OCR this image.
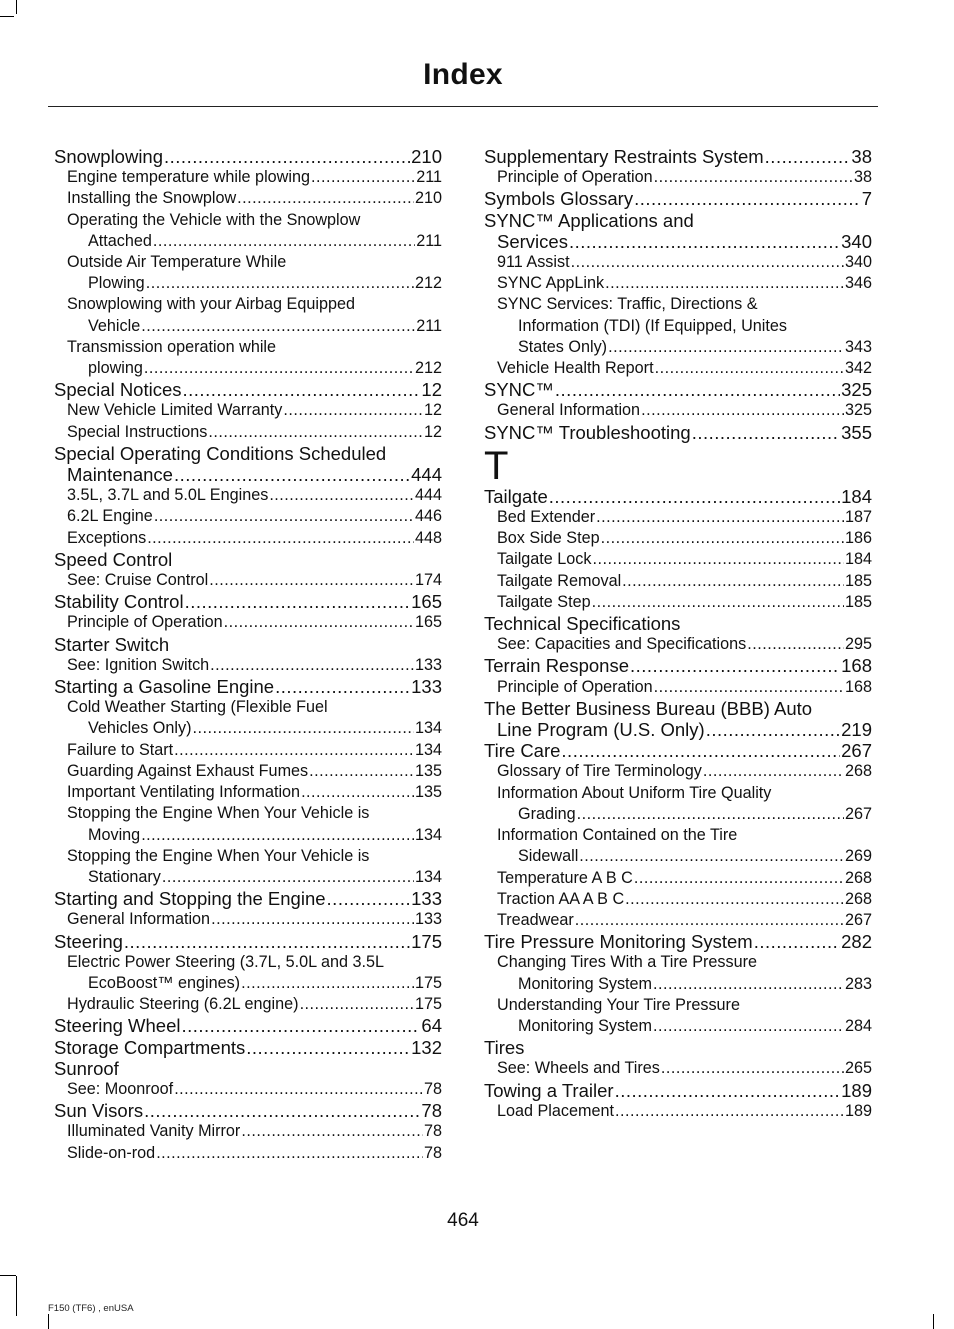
Index
Snowplowing .....	210
Engine temperature while plowing .....	211
Installing the Snowplow .....	210
Operating the Vehicle with the Snowplow
Attached .....	211
Outside Air Temperature While
Plowing .....	212
Snowplowing with your Airbag Equipped
Vehicle .....	211
Transmission operation while
plowing .....	212
Special Notices .....	12
New Vehicle Limited Warranty .....	12
Special Instructions .....	12
Special Operating Conditions Scheduled
Maintenance .....	444
3.5L, 3.7L and 5.0L Engines .....	444
6.2L Engine .....	446
Exceptions .....	448
Speed Control
See: Cruise Control .....	174
Stability Control .....	165
Principle of Operation .....	165
Starter Switch
See: Ignition Switch .....	133
Starting a Gasoline Engine .....	133
Cold Weather Starting (Flexible Fuel
Vehicles Only) .....	134
Failure to Start .....	134
Guarding Against Exhaust Fumes .....	135
Important Ventilating Information .....	135
Stopping the Engine When Your Vehicle is
Moving .....	134
Stopping the Engine When Your Vehicle is
Stationary .....	134
Starting and Stopping the Engine .....	133
General Information .....	133
Steering .....	175
Electric Power Steering (3.7L, 5.0L and 3.5L
EcoBoost™ engines) .....	175
Hydraulic Steering (6.2L engine) .....	175
Steering Wheel .....	64
Storage Compartments .....	132
Sunroof
See: Moonroof .....	78
Sun Visors .....	78
Illuminated Vanity Mirror .....	78
Slide-on-rod .....	78
Supplementary Restraints System .....	38
Principle of Operation .....	38
Symbols Glossary .....	7
SYNC™ Applications and
Services .....	340
911 Assist .....	340
SYNC AppLink .....	346
SYNC Services: Traffic, Directions &
Information (TDI) (If Equipped, Unites
States Only) .....	343
Vehicle Health Report .....	342
SYNC™ .....	325
General Information .....	325
SYNC™ Troubleshooting .....	355
T
Tailgate .....	184
Bed Extender .....	187
Box Side Step .....	186
Tailgate Lock .....	184
Tailgate Removal .....	185
Tailgate Step .....	185
Technical Specifications
See: Capacities and Specifications .....	295
Terrain Response .....	168
Principle of Operation .....	168
The Better Business Bureau (BBB) Auto
Line Program (U.S. Only) .....	219
Tire Care .....	267
Glossary of Tire Terminology .....	268
Information About Uniform Tire Quality
Grading .....	267
Information Contained on the Tire
Sidewall .....	269
Temperature A B C .....	268
Traction AA A B C .....	268
Treadwear .....	267
Tire Pressure Monitoring System .....	282
Changing Tires With a Tire Pressure
Monitoring System .....	283
Understanding Your Tire Pressure
Monitoring System .....	284
Tires
See: Wheels and Tires .....	265
Towing a Trailer .....	189
Load Placement .....	189
464
F150 (TF6) , enUSA
